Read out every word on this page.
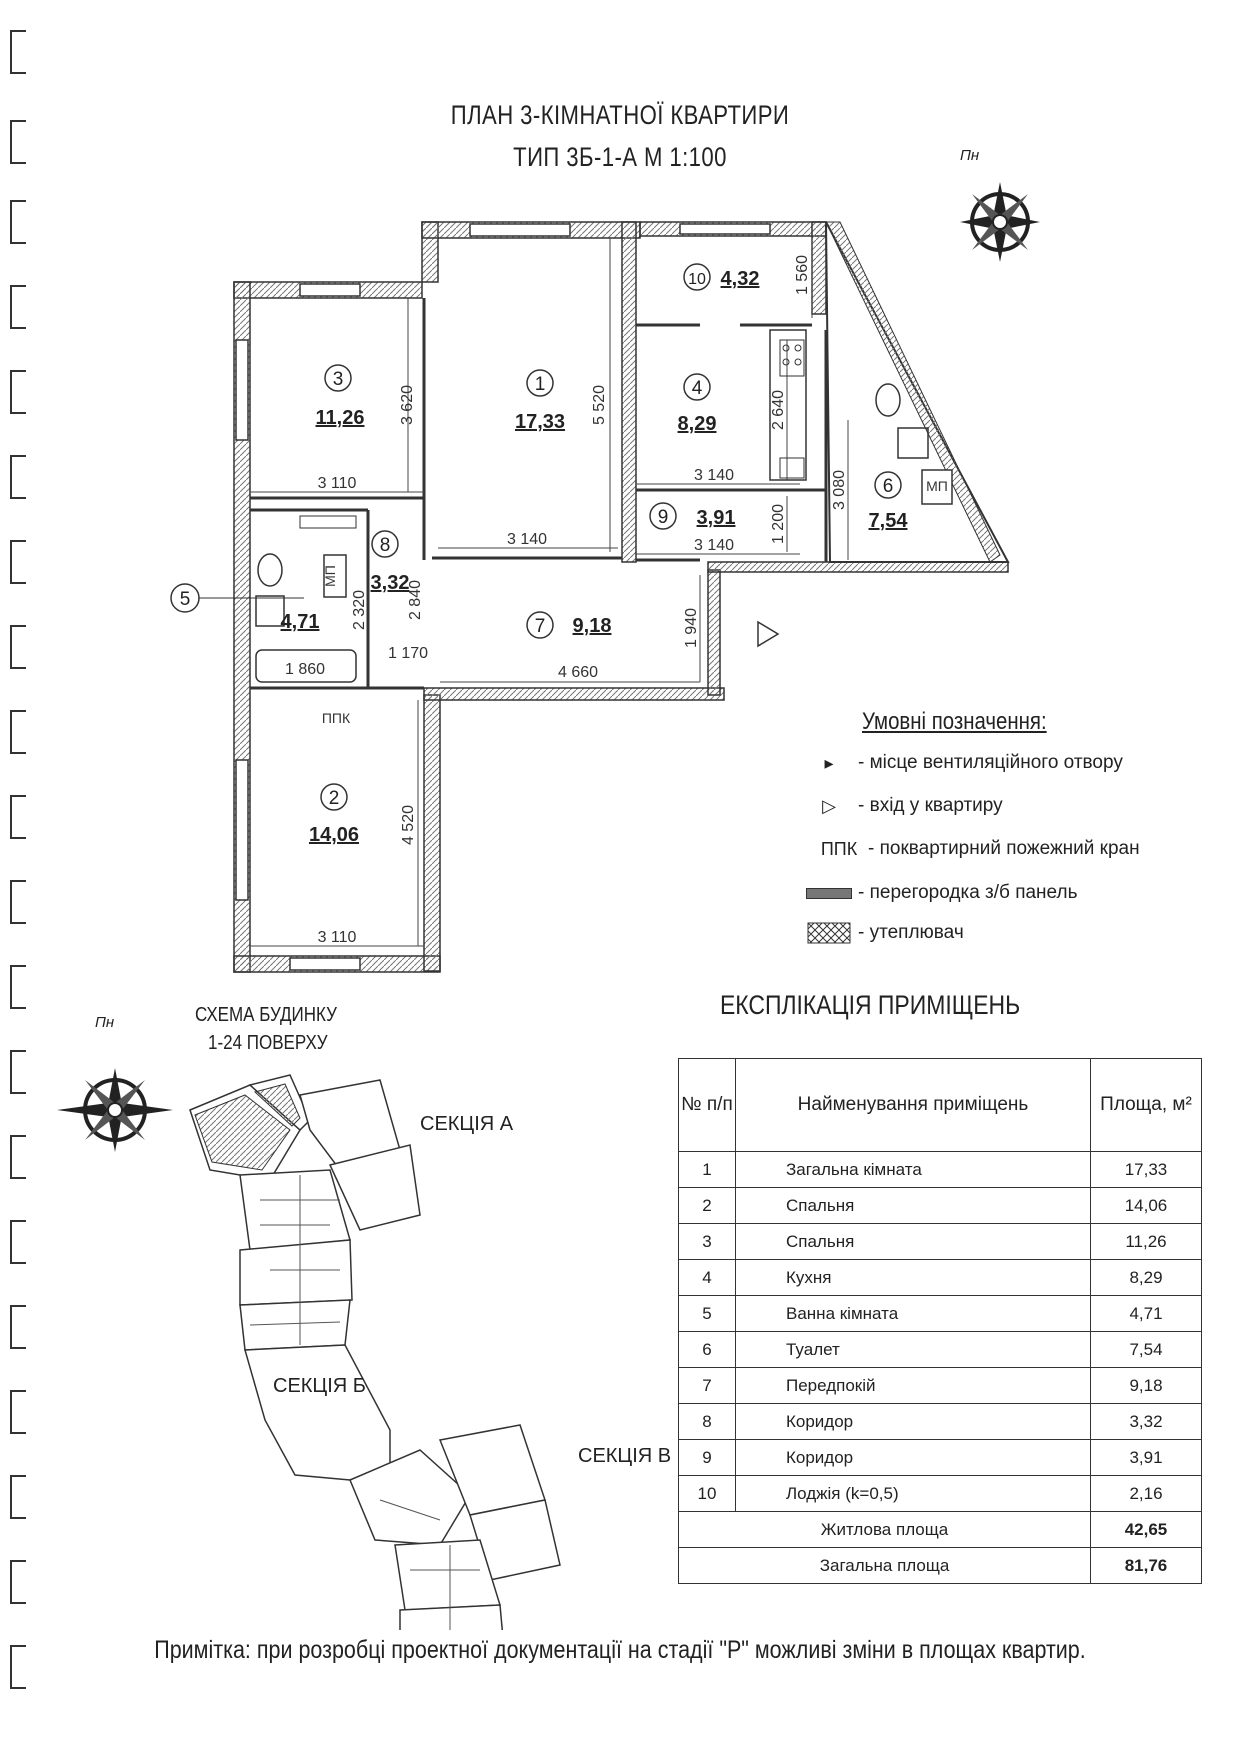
ПЛАН 3-КІМНАТНОЇ КВАРТИРИ
ТИП 3Б-1-А М 1:100
3	1	4
10
9
6
8
7
5
2
11,26	17,33	8,29
4,32
3,91	7,54
3,32
9,18
4,71
14,06
3 110
3 620	5 520
3 140
3 140
3 140
2 640
1 560
3 080
1 200
1 940
4 660
2 840
2 320
1 170
1 860
4 520
3 110
ППК
МП
МП
Пн
Умовні позначення:
▸	- місце вентиляційного отвору
▷	- вхід у квартиру
ППК - поквартирний пожежний кран
- перегородка з/б панель
- утеплювач
СХЕМА БУДИНКУ
1-24 ПОВЕРХУ
Пн
СЕКЦІЯ А
СЕКЦІЯ Б
СЕКЦІЯ В
ЕКСПЛІКАЦІЯ ПРИМІЩЕНЬ
№ п/п	Найменування приміщень	Площа, м²
1	Загальна кімната	17,33
2	Спальня	14,06
3	Спальня	11,26
4	Кухня	8,29
5	Ванна кімната	4,71
6	Туалет	7,54
7	Передпокій	9,18
8	Коридор	3,32
9	Коридор	3,91
10	Лоджія (k=0,5)	2,16
Житлова площа		42,65
Загальна площа		81,76
Примітка: при розробці проектної документації на стадії "Р" можливі зміни в площах квартир.
